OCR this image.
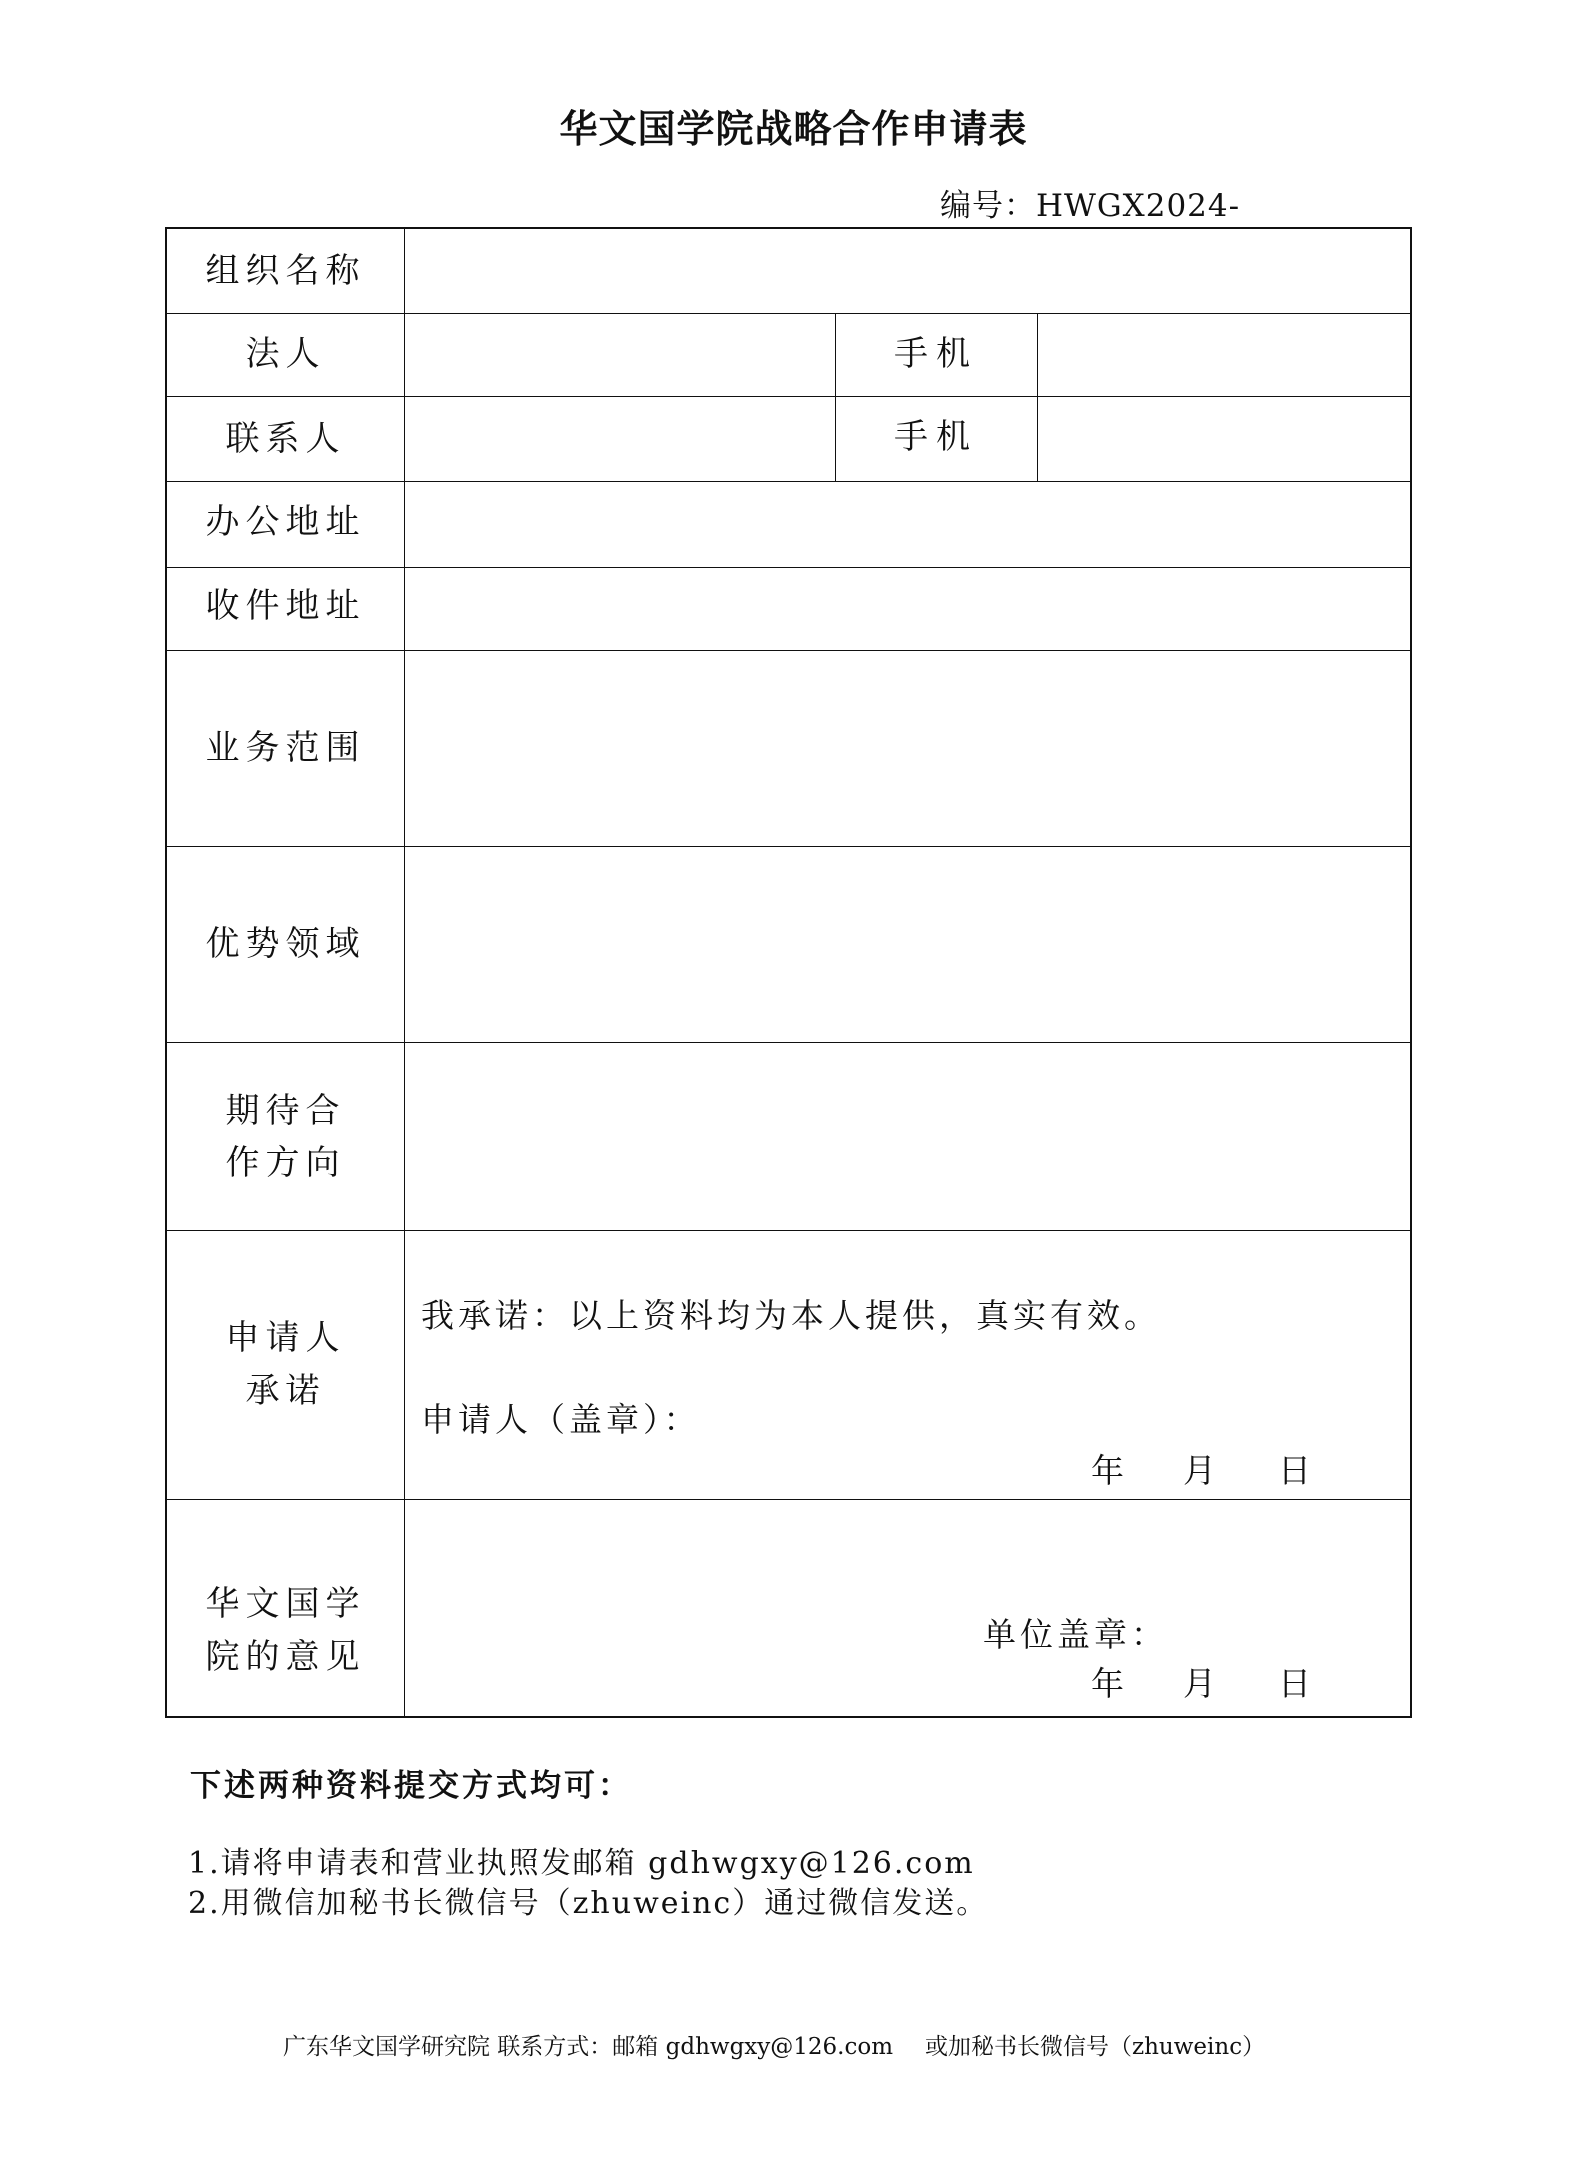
华文国学院战略合作申请表
编号：HWGX2024-
组织名称
法人	手机
联系人	手机
办公地址
收件地址
业务范围
优势领域
期待合
作方向
申请人
承诺
我承诺：以上资料均为本人提供，真实有效。
申请人（盖章）：
年 月 日
华文国学
院的意见
单位盖章：
年 月 日
下述两种资料提交方式均可：
1.请将申请表和营业执照发邮箱 gdhwgxy@126.com
2.用微信加秘书长微信号（zhuweinc）通过微信发送。
广东华文国学研究院 联系方式：邮箱 gdhwgxy@126.com 或加秘书长微信号（zhuweinc）
